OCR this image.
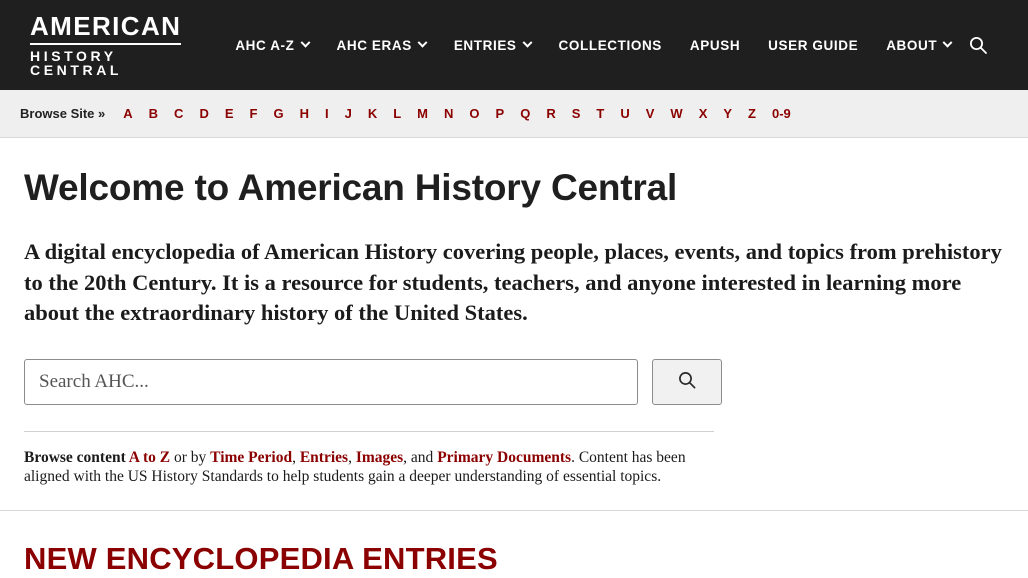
AMERICAN
HISTORY CENTRAL
AHC A-Z	AHC ERAS	ENTRIES	COLLECTIONS APUSH USER GUIDE ABOUT
Browse Site »	A	B	C	D	E	F	G	H	I	J	K	L	M	N	O	P	Q	R	S	T	U	V	W	X	Y	Z	0-9
Welcome to American History Central

A digital encyclopedia of American History covering people, places, events, and topics from prehistory to the 20th Century. It is a resource for students, teachers, and anyone interested in learning more about the extraordinary history of the United States.

Search AHC...

Browse content A to Z or by Time Period, Entries, Images, and Primary Documents. Content has been aligned with the US History Standards to help students gain a deeper understanding of essential topics.

NEW ENCYCLOPEDIA ENTRIES
